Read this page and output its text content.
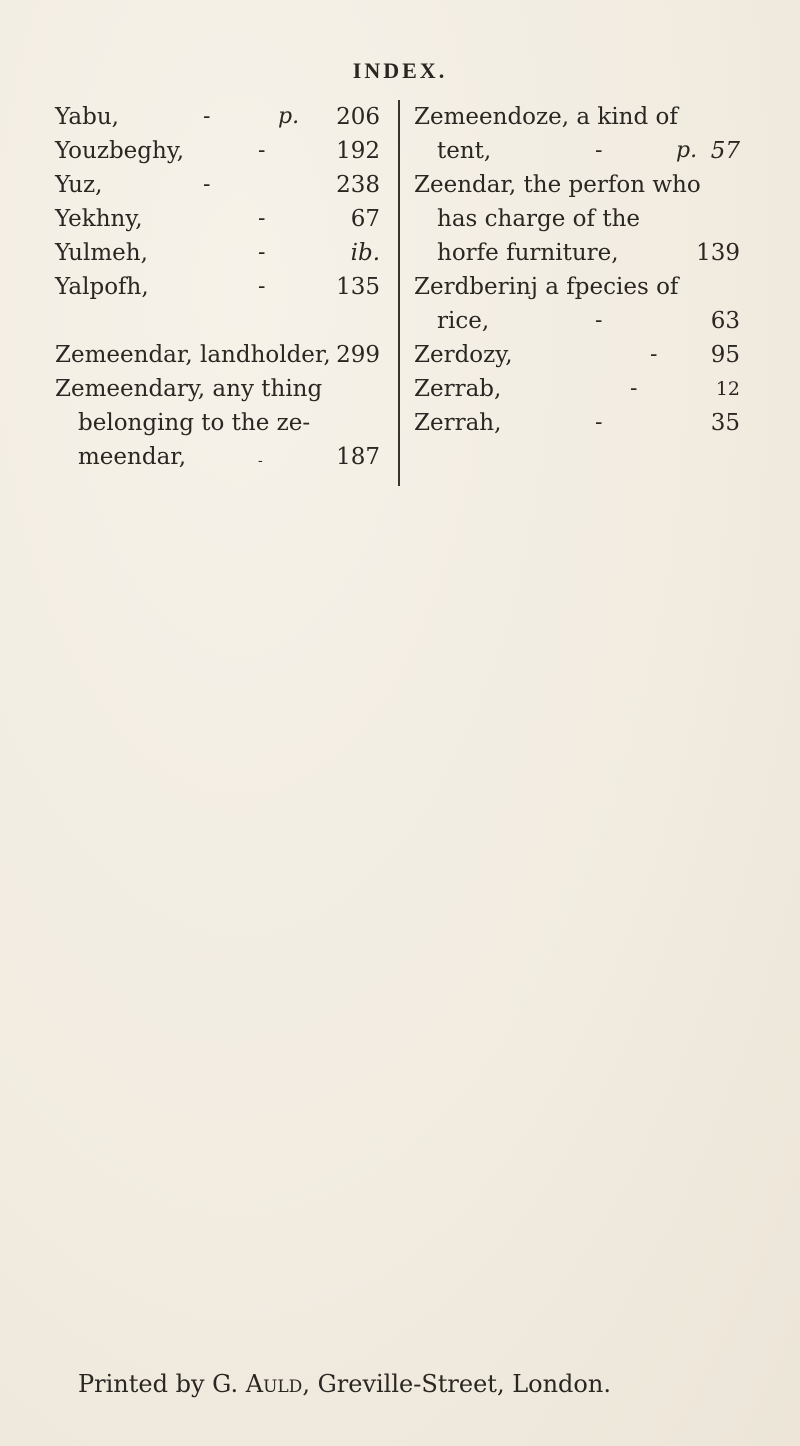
INDEX.
Yabu,	-	p.	206
Youzbeghy,	-	192
Yuz,	-	238
Yekhny,	-	67
Yulmeh,	-	ib.
Yalpofh,	-	135
Zemeendar, landholder, 299
Zemeendary, any thing
belonging to the ze-
meendar,	-	187
Zemeendoze, a kind of
tent,	-	p. 57
Zeendar, the perfon who
has charge of the
horfe furniture,	139
Zerdberinj a fpecies of
rice,	-	63
Zerdozy,	-	95
Zerrab,	-	12
Zerrah,	-	35
Printed by G. Auld, Greville-Street, London.
